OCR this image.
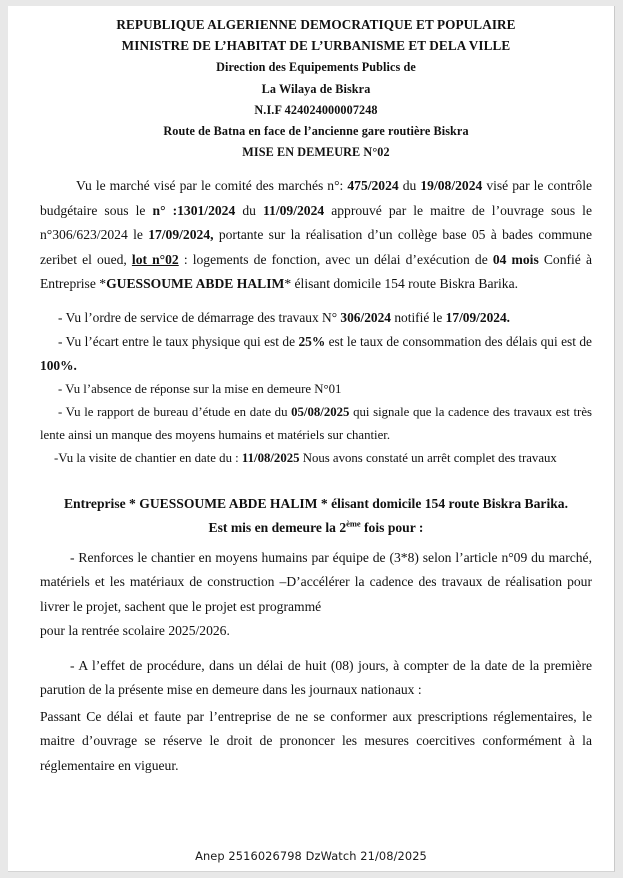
REPUBLIQUE ALGERIENNE DEMOCRATIQUE ET POPULAIRE
MINISTRE DE L’HABITAT DE L’URBANISME ET DELA VILLE
Direction des Equipements Publics de
La Wilaya de Biskra
N.I.F 424024000007248
Route de Batna en face de l’ancienne gare routière Biskra
MISE EN DEMEURE N°02

Vu le marché visé par le comité des marchés n°: 475/2024 du 19/08/2024 visé par le contrôle budgétaire sous le n° :1301/2024 du 11/09/2024 approuvé par le maitre de l’ouvrage sous le n°306/623/2024 le 17/09/2024, portante sur la réalisation d’un collège base 05 à bades commune zeribet el oued, lot n°02 : logements de fonction, avec un délai d’exécution de 04 mois Confié à Entreprise *GUESSOUME ABDE HALIM* élisant domicile 154 route Biskra Barika.

- Vu l’ordre de service de démarrage des travaux N° 306/2024 notifié le 17/09/2024.

- Vu l’écart entre le taux physique qui est de 25% est le taux de consommation des délais qui est de 100%.

- Vu l’absence de réponse sur la mise en demeure N°01

- Vu le rapport de bureau d’étude en date du 05/08/2025 qui signale que la cadence des travaux est très lente ainsi un manque des moyens humains et matériels sur chantier.

-Vu la visite de chantier en date du : 11/08/2025 Nous avons constaté un arrêt complet des travaux

Entreprise * GUESSOUME ABDE HALIM * élisant domicile 154 route Biskra Barika.
Est mis en demeure la 2ème fois pour :

- Renforces le chantier en moyens humains par équipe de (3*8) selon l’article n°09 du marché, matériels et les matériaux de construction –D’accélérer la cadence des travaux de réalisation pour livrer le projet, sachent que le projet est programmé

pour la rentrée scolaire 2025/2026.

- A l’effet de procédure, dans un délai de huit (08) jours, à compter de la date de la première parution de la présente mise en demeure dans les journaux nationaux :

Passant Ce délai et faute par l’entreprise de ne se conformer aux prescriptions réglementaires, le maitre d’ouvrage se réserve le droit de prononcer les mesures coercitives conformément à la réglementaire en vigueur.

Anep 2516026798 DzWatch 21/08/2025
